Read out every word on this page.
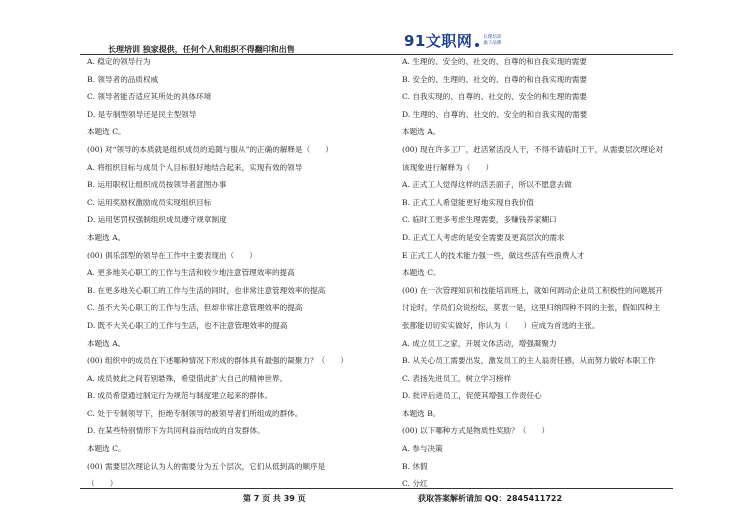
长理培训 独家提供，任何个人和组织不得翻印和出售	91文职网 长理培训
旗下品牌
A. 稳定的领导行为
B. 领导者的品质权威
C. 领导者能否适应其所处的具体环境
D. 是专制型领导还是民主型领导
本题选 C。
(00) 对“领导的本质就是组织成员的追随与服从”的正确的解释是（　　）
A. 将组织目标与成员个人目标很好地结合起来，实现有效的领导
B. 运用职权让组织成员按领导者意图办事
C. 运用奖励权激励成员实现组织目标
D. 运用惩罚权强制组织成员遵守规章制度
本题选 A。
(00) 俱乐部型的领导在工作中主要表现出（　　）
A. 更多地关心职工的工作与生活和较少地注意管理效率的提高
B. 在更多地关心职工的工作与生活的同时，也非常注意管理效率的提高
C. 虽不大关心职工的工作与生活，但却非常注意管理效率的提高
D. 既不大关心职工的工作与生活，也不注意管理效率的提高
本题选 A。
(00) 组织中的成员在下述哪种情况下形成的群体具有最强的凝聚力？（　　）
A. 成员彼此之间若别悬殊，希望借此扩大自己的精神世界。
B. 成员希望通过制定行为规范与制度建立起来的群体。
C. 处于专制领导下，拒绝专制领导的被领导者们所组成的群体。
D. 在某些特别情形下为共同利益而结成的自发群体。
本题选 C。
(00) 需要层次理论认为人的需要分为五个层次，它们从低到高的顺序是
（　　）
A. 生理的、安全的、社交的、自尊的和自我实现的需要
B. 安全的、生理的、社交的、自尊的和自我实现的需要
C. 自我实现的、自尊的、社交的、安全的和生理的需要
D. 生理的、自尊的、社交的、安全的和自我实现的需要
本题选 A。
(00) 现在许多工厂，赶活紧活没人干，不得不请临时工干，从需要层次理论对
该现象进行解释为（　　）
A. 正式工人觉得这样的活丢面子，所以不愿意去做
B. 正式工人希望能更好地实现自我价值
C. 临时工更多考虑生理需要，多赚钱养家糊口
D. 正式工人考虑的是安全需要及更高层次的需求
E 正式工人的技术能力强一些，做这些活有些浪费人才
本题选 C。
(00) 在一次管理知识和技能培训班上，就如何调动企业员工积极性的问题展开
讨论时，学员们众说纷纭，莫衷一是，这里归纳四种不同的主张，假如四种主
张都能切切实实做好，你认为（　　）应成为首选的主张。
A. 成立员工之家，开展文体活动，增强凝聚力
B. 从关心员工需要出发，激发员工的主人翁责任感，从而努力做好本职工作
C. 表扬先进员工，树立学习榜样
D. 批评后进员工，促使其增强工作责任心
本题选 B。
(00) 以下哪种方式是物质性奖励？（　　）
A. 参与决策
B. 休假
C. 分红
第 7 页 共 39 页	获取答案解析请加 QQ：2845411722
